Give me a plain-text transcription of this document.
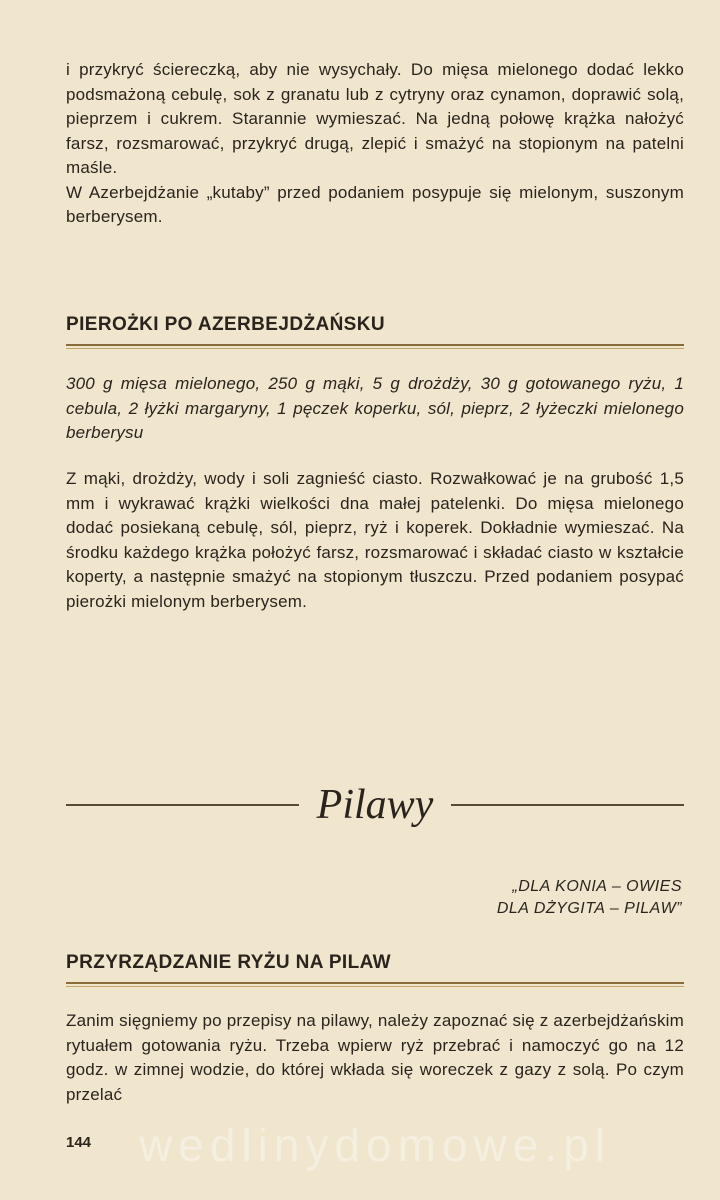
i przykryć ściereczką, aby nie wysychały. Do mięsa mielonego dodać lekko podsmażoną cebulę, sok z granatu lub z cytryny oraz cynamon, doprawić solą, pieprzem i cukrem. Starannie wymieszać. Na jedną połowę krążka nałożyć farsz, rozsmarować, przykryć drugą, zlepić i smażyć na stopionym na patelni maśle.

W Azerbejdżanie „kutaby” przed podaniem posypuje się mielonym, suszonym berberysem.

PIEROŻKI PO AZERBEJDŻAŃSKU
300 g mięsa mielonego, 250 g mąki, 5 g drożdży, 30 g gotowanego ryżu, 1 cebula, 2 łyżki margaryny, 1 pęczek koperku, sól, pieprz, 2 łyżeczki mielonego berberysu
Z mąki, drożdży, wody i soli zagnieść ciasto. Rozwałkować je na grubość 1,5 mm i wykrawać krążki wielkości dna małej patelenki. Do mięsa mielonego dodać posiekaną cebulę, sól, pieprz, ryż i koperek. Dokładnie wymieszać. Na środku każdego krążka położyć farsz, rozsmarować i składać ciasto w kształcie koperty, a następnie smażyć na stopionym tłuszczu. Przed podaniem posypać pierożki mielonym berberysem.
Pilawy
„DLA KONIA – OWIES
DLA DŻYGITA – PILAW”
PRZYRZĄDZANIE RYŻU NA PILAW
Zanim sięgniemy po przepisy na pilawy, należy zapoznać się z azerbejdżańskim rytuałem gotowania ryżu. Trzeba wpierw ryż przebrać i namoczyć go na 12 godz. w zimnej wodzie, do której wkłada się woreczek z gazy z solą. Po czym przelać
wedlinydomowe.pl
144
